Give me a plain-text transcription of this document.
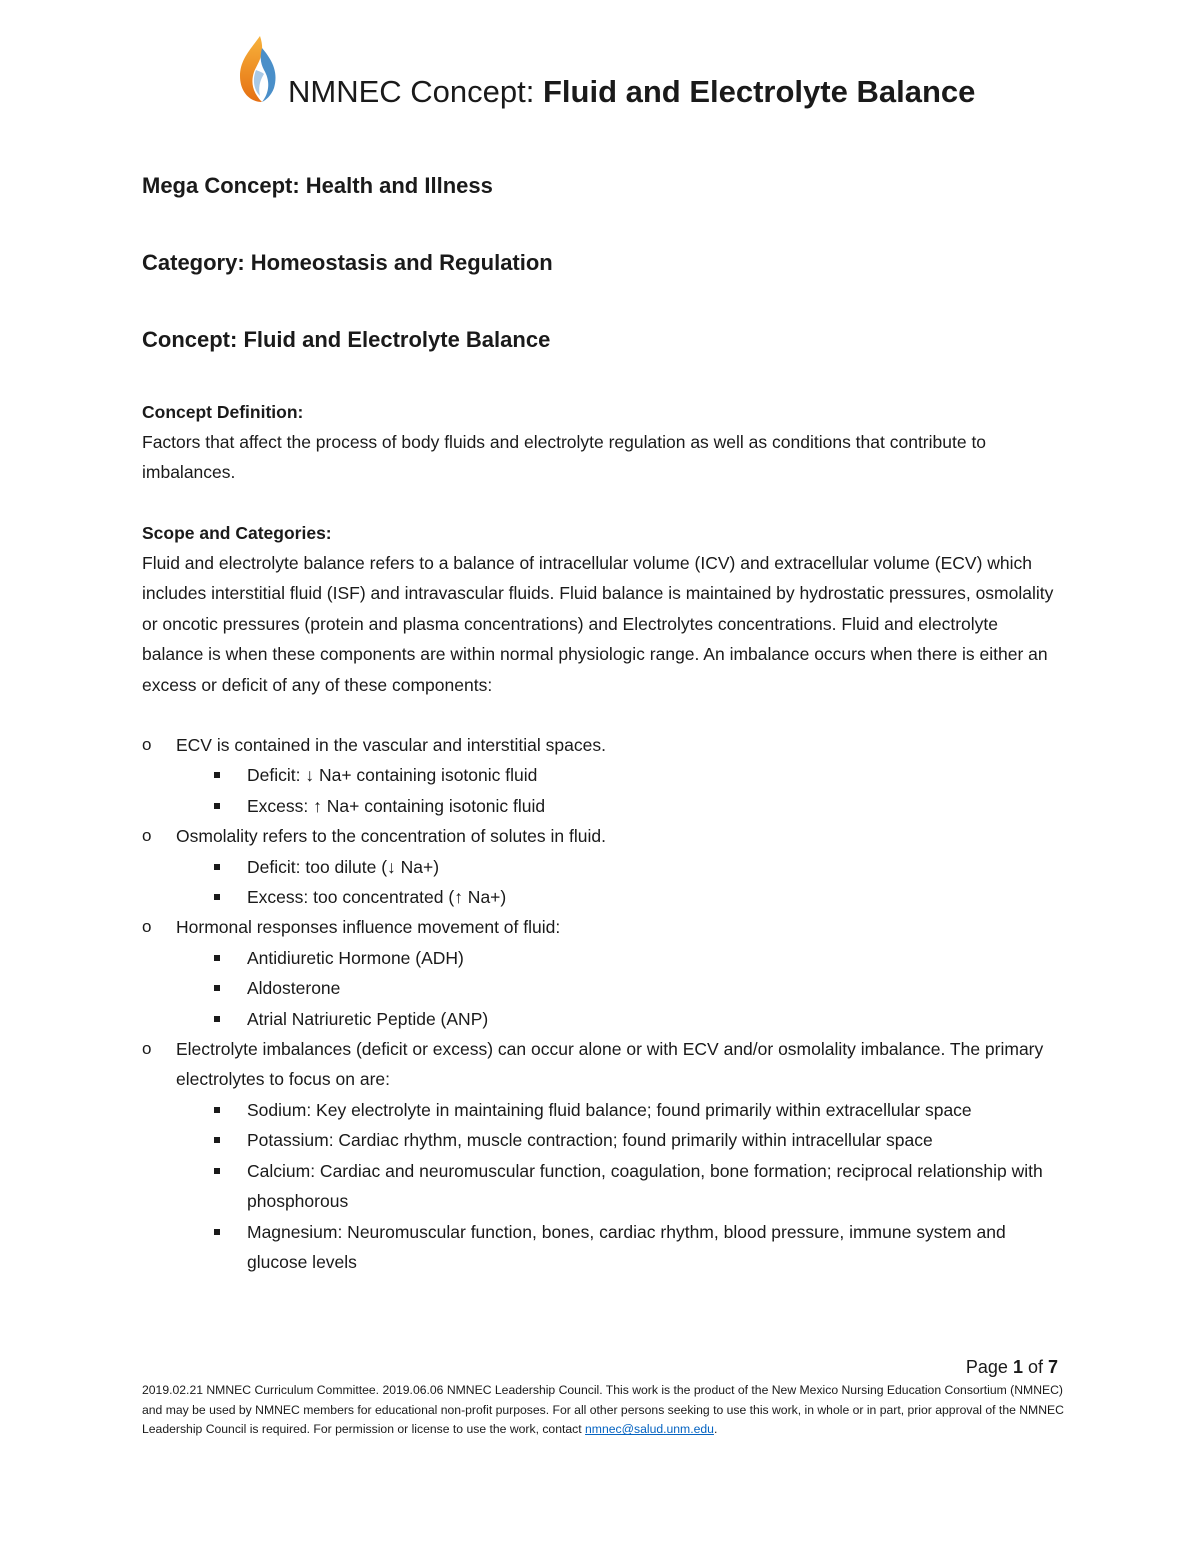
NMNEC Concept: Fluid and Electrolyte Balance
Mega Concept: Health and Illness
Category: Homeostasis and Regulation
Concept: Fluid and Electrolyte Balance
Concept Definition:
Factors that affect the process of body fluids and electrolyte regulation as well as conditions that contribute to imbalances.
Scope and Categories:
Fluid and electrolyte balance refers to a balance of intracellular volume (ICV) and extracellular volume (ECV) which includes interstitial fluid (ISF) and intravascular fluids. Fluid balance is maintained by hydrostatic pressures, osmolality or oncotic pressures (protein and plasma concentrations) and Electrolytes concentrations. Fluid and electrolyte balance is when these components are within normal physiologic range. An imbalance occurs when there is either an excess or deficit of any of these components:
o ECV is contained in the vascular and interstitial spaces.
Deficit: ↓ Na+ containing isotonic fluid
Excess: ↑ Na+ containing isotonic fluid
o Osmolality refers to the concentration of solutes in fluid.
Deficit: too dilute (↓ Na+)
Excess: too concentrated (↑ Na+)
o Hormonal responses influence movement of fluid:
Antidiuretic Hormone (ADH)
Aldosterone
Atrial Natriuretic Peptide (ANP)
o Electrolyte imbalances (deficit or excess) can occur alone or with ECV and/or osmolality imbalance. The primary electrolytes to focus on are:
Sodium: Key electrolyte in maintaining fluid balance; found primarily within extracellular space
Potassium: Cardiac rhythm, muscle contraction; found primarily within intracellular space
Calcium: Cardiac and neuromuscular function, coagulation, bone formation; reciprocal relationship with phosphorous
Magnesium: Neuromuscular function, bones, cardiac rhythm, blood pressure, immune system and glucose levels
Page 1 of 7
2019.02.21 NMNEC Curriculum Committee. 2019.06.06 NMNEC Leadership Council. This work is the product of the New Mexico Nursing Education Consortium (NMNEC) and may be used by NMNEC members for educational non-profit purposes. For all other persons seeking to use this work, in whole or in part, prior approval of the NMNEC Leadership Council is required. For permission or license to use the work, contact nmnec@salud.unm.edu.
